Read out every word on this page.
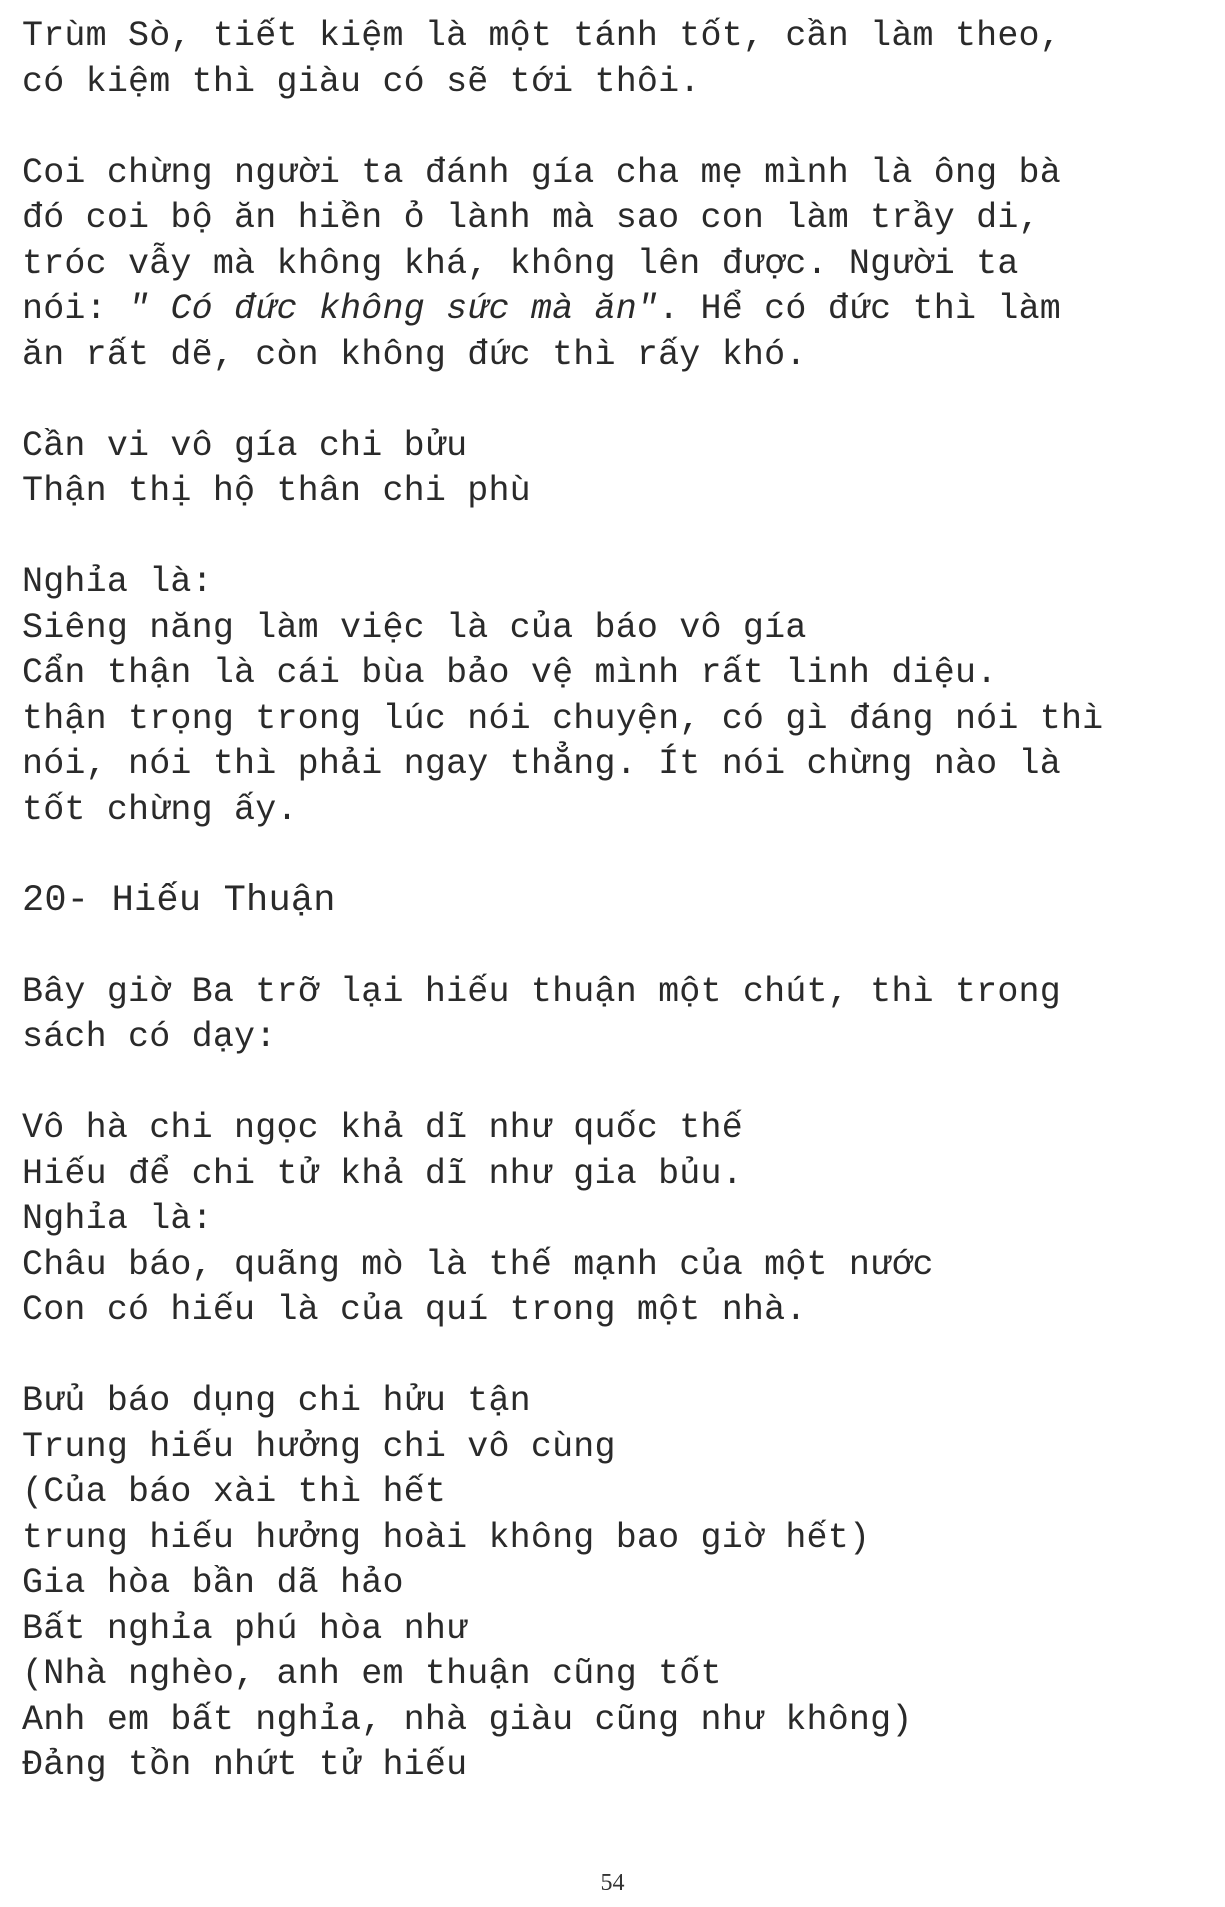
Trùm Sò, tiết kiệm là một tánh tốt, cần làm theo,
có kiệm thì giàu có sẽ tới thôi.
Coi chừng người ta đánh gía cha mẹ mình là ông bà
đó coi bộ ăn hiền ỏ lành mà sao con làm trầy di,
tróc vẫy mà không khá, không lên được. Người ta
nói: " Có đức không sức mà ăn". Hể có đức thì làm
ăn rất dẽ, còn không đức thì rấy khó.
Cần vi vô gía chi bửu
Thận thị hộ thân chi phù
Nghỉa là:
Siêng năng làm việc là của báo vô gía
Cẩn thận là cái bùa bảo vệ mình rất linh diệu.
thận trọng trong lúc nói chuyện, có gì đáng nói thì
nói, nói thì phải ngay thẳng. Ít nói chừng nào là
tốt chừng ấy.
20- Hiếu Thuận
Bây giờ Ba trỡ lại hiếu thuận một chút, thì trong
sách có dạy:
Vô hà chi ngọc khả dĩ như quốc thế
Hiếu để chi tử khả dĩ như gia bủu.
Nghỉa là:
Châu báo, quãng mò là thế mạnh của một nước
Con có hiếu là của quí trong một nhà.
Bưủ báo dụng chi hửu tận
Trung hiếu hưởng chi vô cùng
(Của báo xài thì hết
trung hiếu hưởng hoài không bao giờ hết)
Gia hòa bần dã hảo
Bất nghỉa phú hòa như
(Nhà nghèo, anh em thuận cũng tốt
Anh em bất nghỉa, nhà giàu cũng như không)
Đảng tồn nhứt tử hiếu
54
